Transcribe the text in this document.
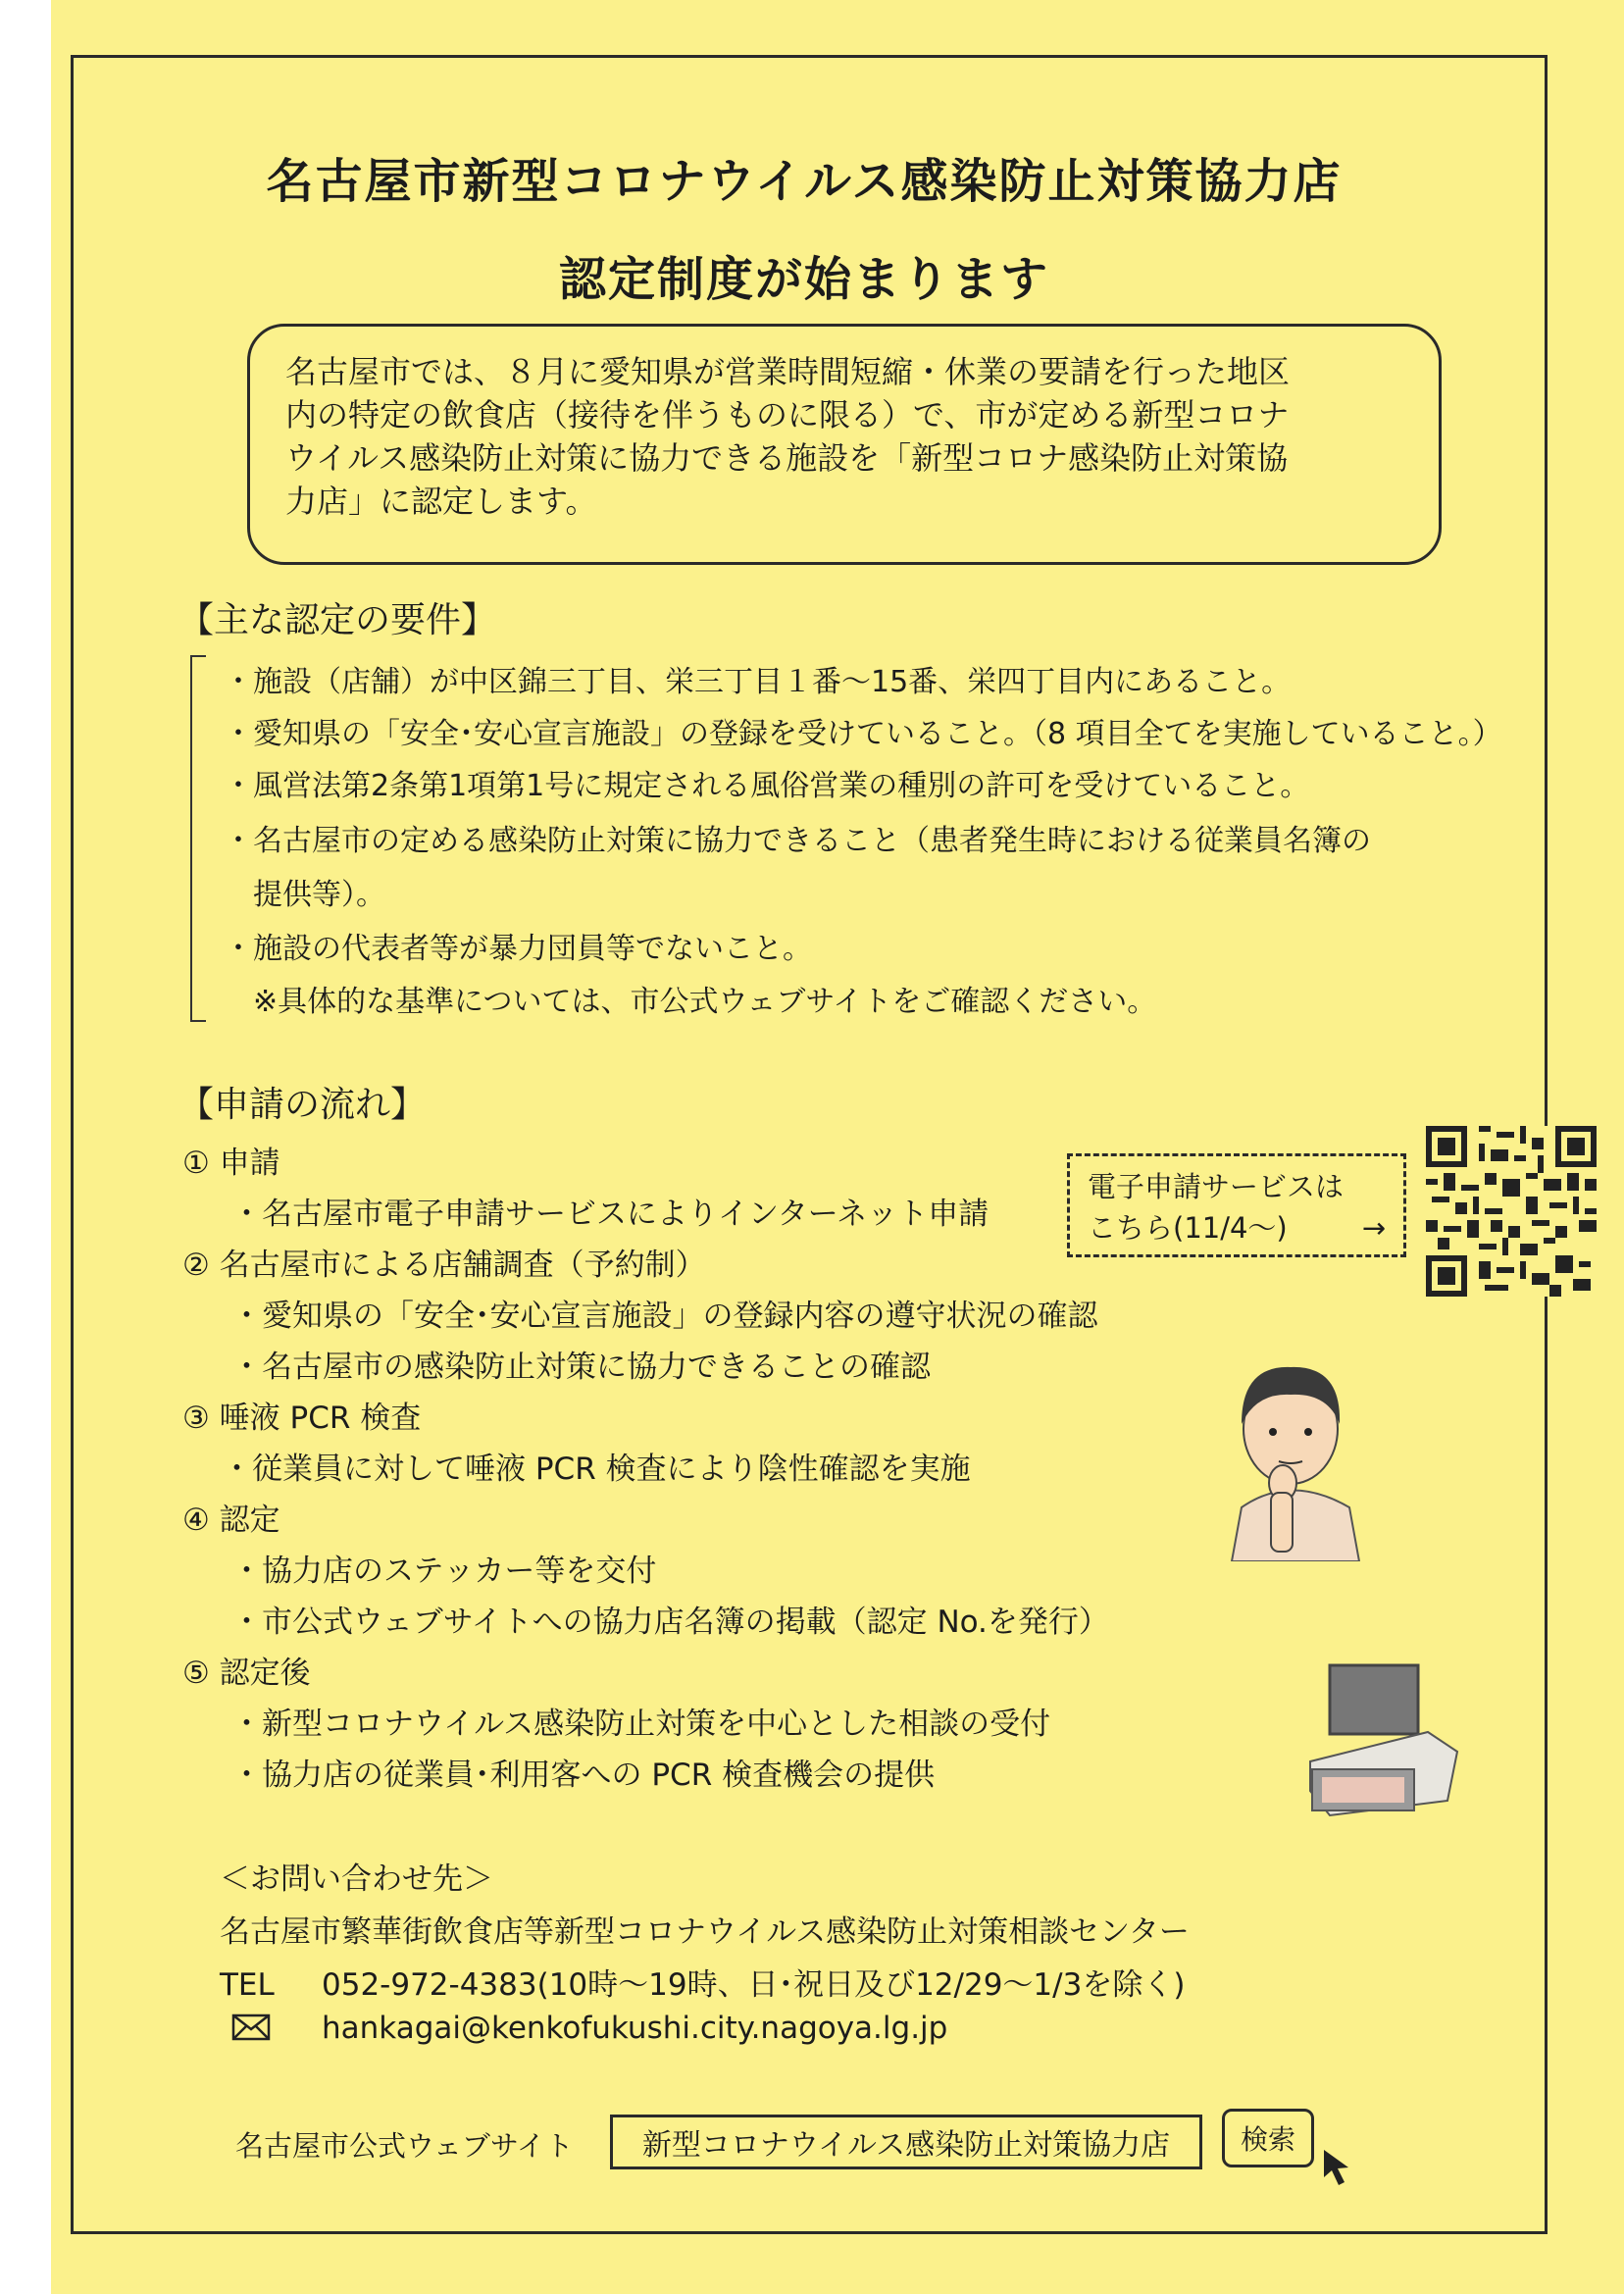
名古屋市新型コロナウイルス感染防止対策協力店
認定制度が始まります
名古屋市では、８月に愛知県が営業時間短縮・休業の要請を行った地区
内の特定の飲食店（接待を伴うものに限る）で、市が定める新型コロナ
ウイルス感染防止対策に協力できる施設を「新型コロナ感染防止対策協
力店」に認定します。
【主な認定の要件】
・施設（店舗）が中区錦三丁目、栄三丁目１番～15番、栄四丁目内にあること。
・愛知県の「安全･安心宣言施設」の登録を受けていること。（8 項目全てを実施していること。）
・風営法第2条第1項第1号に規定される風俗営業の種別の許可を受けていること。
・名古屋市の定める感染防止対策に協力できること（患者発生時における従業員名簿の
　提供等）。
・施設の代表者等が暴力団員等でないこと。
　※具体的な基準については、市公式ウェブサイトをご確認ください。
【申請の流れ】
① 申請
・名古屋市電子申請サービスによりインターネット申請
② 名古屋市による店舗調査（予約制）
・愛知県の「安全･安心宣言施設」の登録内容の遵守状況の確認
・名古屋市の感染防止対策に協力できることの確認
③ 唾液 PCR 検査
・従業員に対して唾液 PCR 検査により陰性確認を実施
④ 認定
・協力店のステッカー等を交付
・市公式ウェブサイトへの協力店名簿の掲載（認定 No.を発行）
⑤ 認定後
・新型コロナウイルス感染防止対策を中心とした相談の受付
・協力店の従業員･利用客への PCR 検査機会の提供
電子申請サービスは
こちら(11/4～)	→
＜お問い合わせ先＞
名古屋市繁華街飲食店等新型コロナウイルス感染防止対策相談センター
TEL 052-972-4383(10時～19時、日･祝日及び12/29～1/3を除く)
hankagai@kenkofukushi.city.nagoya.lg.jp
名古屋市公式ウェブサイト	新型コロナウイルス感染防止対策協力店	検索
